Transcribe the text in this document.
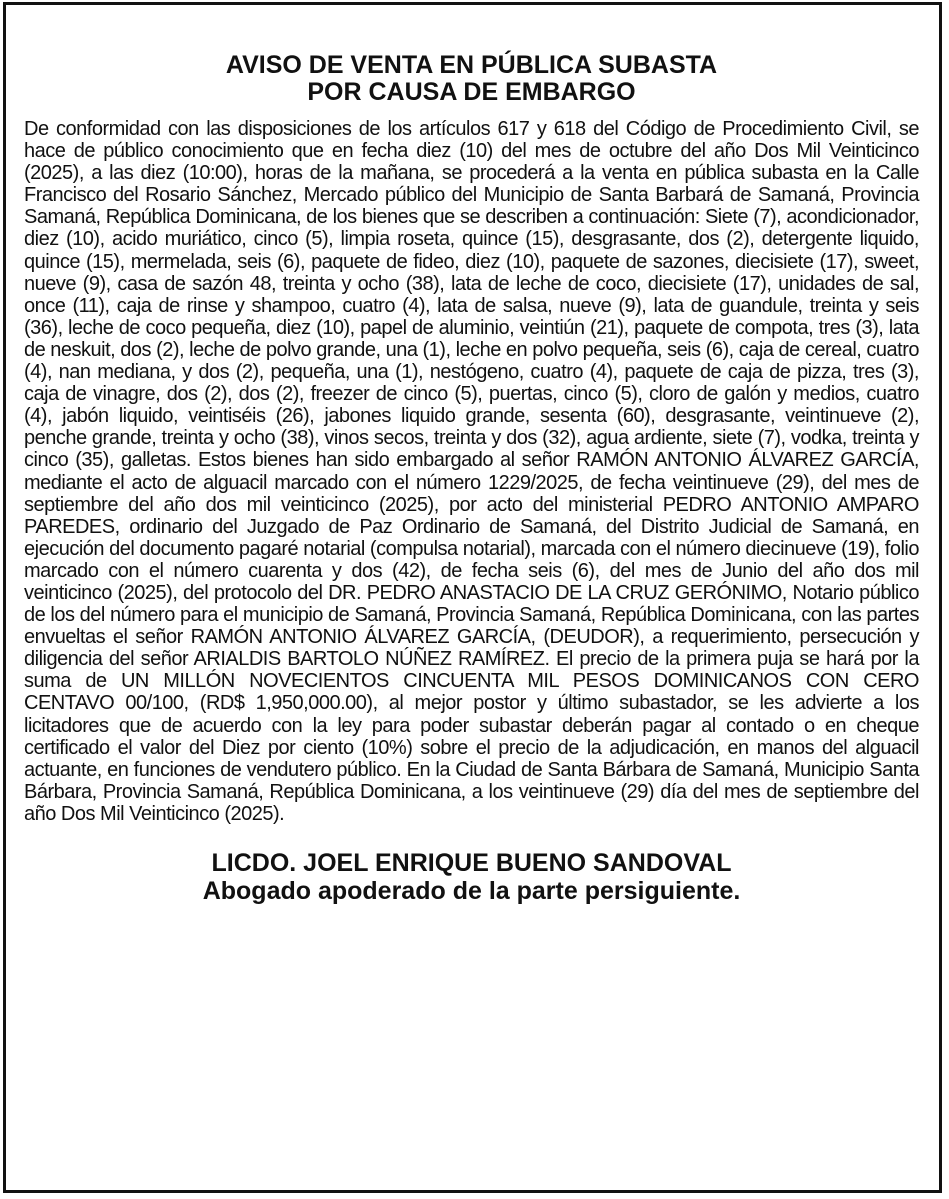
AVISO DE VENTA EN PÚBLICA SUBASTA
POR CAUSA DE EMBARGO

De conformidad con las disposiciones de los artículos 617 y 618 del Código de Procedimiento Civil, se hace de público conocimiento que en fecha diez (10) del mes de octubre del año Dos Mil Veinticinco (2025), a las diez (10:00), horas de la mañana, se procederá a la venta en pública subasta en la Calle Francisco del Rosario Sánchez, Mercado público del Municipio de Santa Barbará de Samaná, Provincia Samaná, República Dominicana, de los bienes que se describen a continuación: Siete (7), acondicionador, diez (10), acido muriático, cinco (5), limpia roseta, quince (15), desgrasante, dos (2), detergente liquido, quince (15), mermelada, seis (6), paquete de fideo, diez (10), paquete de sazones, diecisiete (17), sweet, nueve (9), casa de sazón 48, treinta y ocho (38), lata de leche de coco, diecisiete (17), unidades de sal, once (11), caja de rinse y shampoo, cuatro (4), lata de salsa, nueve (9), lata de guandule, treinta y seis (36), leche de coco pequeña, diez (10), papel de aluminio, veintiún (21), paquete de compota, tres (3), lata de neskuit, dos (2), leche de polvo grande, una (1), leche en polvo pequeña, seis (6), caja de cereal, cuatro (4), nan mediana, y dos (2), pequeña, una (1), nestógeno, cuatro (4), paquete de caja de pizza, tres (3), caja de vinagre, dos (2), dos (2), freezer de cinco (5), puertas, cinco (5), cloro de galón y medios, cuatro (4), jabón liquido, veintiséis (26), jabones liquido grande, sesenta (60), desgrasante, veintinueve (2), penche grande, treinta y ocho (38), vinos secos, treinta y dos (32), agua ardiente, siete (7), vodka, treinta y cinco (35), galletas. Estos bienes han sido embargado al señor RAMÓN ANTONIO ÁLVAREZ GARCÍA, mediante el acto de alguacil marcado con el número 1229/2025, de fecha veintinueve (29), del mes de septiembre del año dos mil veinticinco (2025), por acto del ministerial PEDRO ANTONIO AMPARO PAREDES, ordinario del Juzgado de Paz Ordinario de Samaná, del Distrito Judicial de Samaná, en ejecución del documento pagaré notarial (compulsa notarial), marcada con el número diecinueve (19), folio marcado con el número cuarenta y dos (42), de fecha seis (6), del mes de Junio del año dos mil veinticinco (2025), del protocolo del DR. PEDRO ANASTACIO DE LA CRUZ GERÓNIMO, Notario público de los del número para el municipio de Samaná, Provincia Samaná, República Dominicana, con las partes envueltas el señor RAMÓN ANTONIO ÁLVAREZ GARCÍA, (DEUDOR), a requerimiento, persecución y diligencia del señor ARIALDIS BARTOLO NÚÑEZ RAMÍREZ. El precio de la primera puja se hará por la suma de UN MILLÓN NOVECIENTOS CINCUENTA MIL PESOS DOMINICANOS CON CERO CENTAVO 00/100, (RD$ 1,950,000.00), al mejor postor y último subastador, se les advierte a los licitadores que de acuerdo con la ley para poder subastar deberán pagar al contado o en cheque certificado el valor del Diez por ciento (10%) sobre el precio de la adjudicación, en manos del alguacil actuante, en funciones de vendutero público. En la Ciudad de Santa Bárbara de Samaná, Municipio Santa Bárbara, Provincia Samaná, República Dominicana, a los veintinueve (29) día del mes de septiembre del año Dos Mil Veinticinco (2025).

LICDO. JOEL ENRIQUE BUENO SANDOVAL
Abogado apoderado de la parte persiguiente.
